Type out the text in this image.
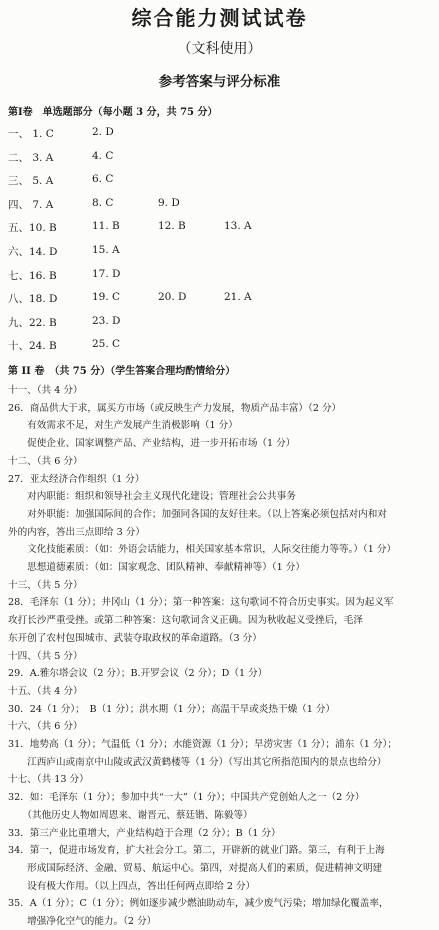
综合能力测试试卷
（文科使用）
参考答案与评分标准
第Ⅰ卷　单选题部分（每小题 3 分，共 75 分）
一、 1. C	2. D
二、 3. A	4. C
三、 5. A	6. C
四、 7. A	8. C	9. D
五、10. B	11. B	12. B	13. A
六、14. D	15. A
七、16. B	17. D
八、18. D	19. C	20. D	21. A
九、22. B	23. D
十、24. B	25. C
第 II 卷　（共 75 分）（学生答案合理均酌情给分）
十一、（共 4 分）
26．商品供大于求，属买方市场（或反映生产力发展，物质产品丰富）（2 分）
　　有效需求不足，对生产发展产生消极影响（1 分）
　　促使企业、国家调整产品、产业结构，进一步开拓市场（1 分）
十二、（共 6 分）
27．亚太经济合作组织（1 分）
　　对内职能：组织和领导社会主义现代化建设；管理社会公共事务
　　对外职能：加强国际间的合作；加强同各国的友好往来。（以上答案必须包括对内和对
外的内容，答出三点即给 3 分）
　　文化技能素质：（如：外语会话能力，相关国家基本常识，人际交往能力等等。）（1 分）
　　思想道德素质：（如：国家观念、团队精神、奉献精神等）（1 分）
十三、（共 5 分）
28．毛泽东（1 分）；井冈山（1 分）；第一种答案：这句歌词不符合历史事实。因为起义军
攻打长沙严重受挫。或第二种答案：这句歌词含义正确。因为秋收起义受挫后，毛泽
东开创了农村包围城市、武装夺取政权的革命道路。（3 分）
十四、（共 5 分）
29．A.雅尔塔会议（2 分）；B.开罗会议（2 分）；D（1 分）
十五、（共 4 分）
30．24（1 分）；　B（1 分）；洪水期（1 分）；高温干旱或炎热干燥（1 分）
十六、（共 6 分）
31．地势高（1 分）；气温低（1 分）；水能资源（1 分）；旱涝灾害（1 分）；浦东（1 分）；
　　江西庐山或南京中山陵或武汉黄鹤楼等（1 分）（写出其它所指范围内的景点也给分）
十七、（共 13 分）
32．如：毛泽东（1 分）；参加中共“一大”（1 分）；中国共产党创始人之一（2 分）
　　（其他历史人物如周恩来、谢晋元、蔡廷锴、陈毅等）
33．第三产业比重增大，产业结构趋于合理（2 分）；B（1 分）
34．第一，促进市场发育，扩大社会分工。第二，开辟新的就业门路。第三，有利于上海
　　形成国际经济、金融、贸易、航运中心。第四，对提高人们的素质，促进精神文明建
　　设有极大作用。（以上四点，答出任何两点即给 2 分）
35．A（1 分）；C（1 分）；例如逐步减少燃油助动车，减少废气污染；增加绿化覆盖率，
　　增强净化空气的能力。（2 分）
